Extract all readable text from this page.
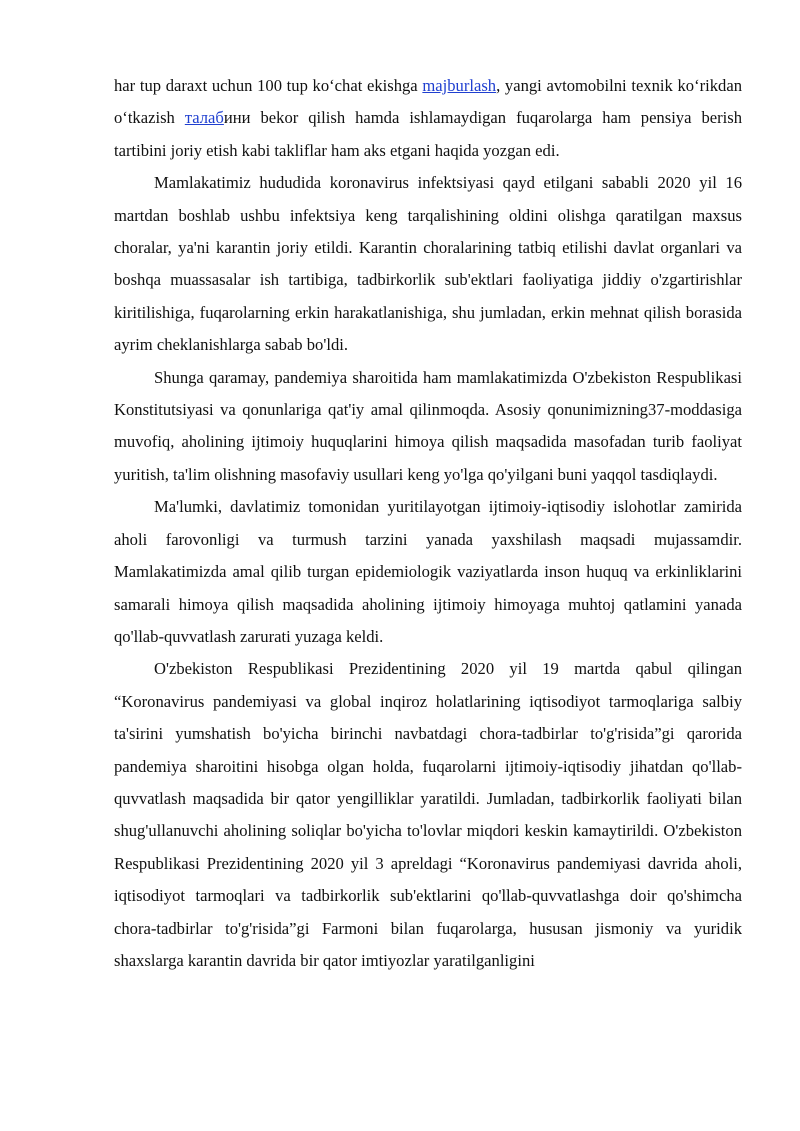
har tup daraxt uchun 100 tup ko‘chat ekishga majburlash, yangi avtomobilni texnik ko‘rikdan o‘tkazish талабини bekor qilish hamda ishlamaydigan fuqarolarga ham pensiya berish tartibini joriy etish kabi takliflar ham aks etgani haqida yozgan edi.

Mamlakatimiz hududida koronavirus infektsiyasi qayd etilgani sababli 2020 yil 16 martdan boshlab ushbu infektsiya keng tarqalishining oldini olishga qaratilgan maxsus choralar, ya'ni karantin joriy etildi. Karantin choralarining tatbiq etilishi davlat organlari va boshqa muassasalar ish tartibiga, tadbirkorlik sub'ektlari faoliyatiga jiddiy o'zgartirishlar kiritilishiga, fuqarolarning erkin harakatlanishiga, shu jumladan, erkin mehnat qilish borasida ayrim cheklanishlarga sabab bo'ldi.

Shunga qaramay, pandemiya sharoitida ham mamlakatimizda O'zbekiston Respublikasi Konstitutsiyasi va qonunlariga qat'iy amal qilinmoqda. Asosiy qonunimizning37-moddasiga muvofiq, aholining ijtimoiy huquqlarini himoya qilish maqsadida masofadan turib faoliyat yuritish, ta'lim olishning masofaviy usullari keng yo'lga qo'yilgani buni yaqqol tasdiqlaydi.

Ma'lumki, davlatimiz tomonidan yuritilayotgan ijtimoiy-iqtisodiy islohotlar zamirida aholi farovonligi va turmush tarzini yanada yaxshilash maqsadi mujassamdir. Mamlakatimizda amal qilib turgan epidemiologik vaziyatlarda inson huquq va erkinliklarini samarali himoya qilish maqsadida aholining ijtimoiy himoyaga muhtoj qatlamini yanada qo'llab-quvvatlash zarurati yuzaga keldi.

O'zbekiston Respublikasi Prezidentining 2020 yil 19 martda qabul qilingan “Koronavirus pandemiyasi va global inqiroz holatlarining iqtisodiyot tarmoqlariga salbiy ta'sirini yumshatish bo'yicha birinchi navbatdagi chora-tadbirlar to'g'risida”gi qarorida pandemiya sharoitini hisobga olgan holda, fuqarolarni ijtimoiy-iqtisodiy jihatdan qo'llab-quvvatlash maqsadida bir qator yengilliklar yaratildi. Jumladan, tadbirkorlik faoliyati bilan shug'ullanuvchi aholining soliqlar bo'yicha to'lovlar miqdori keskin kamaytirildi. O'zbekiston Respublikasi Prezidentining 2020 yil 3 apreldagi “Koronavirus pandemiyasi davrida aholi, iqtisodiyot tarmoqlari va tadbirkorlik sub'ektlarini qo'llab-quvvatlashga doir qo'shimcha chora-tadbirlar to'g'risida”gi Farmoni bilan fuqarolarga, hususan jismoniy va yuridik shaxslarga karantin davrida bir qator imtiyozlar yaratilganligini
